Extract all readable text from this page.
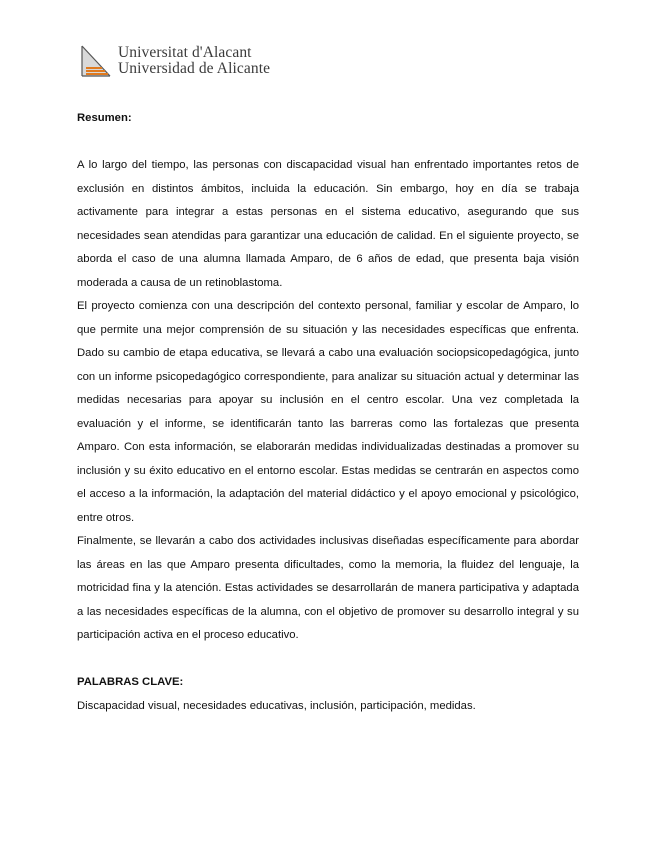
Universitat d'Alacant
Universidad de Alicante

Resumen:

A lo largo del tiempo, las personas con discapacidad visual han enfrentado importantes retos de exclusión en distintos ámbitos, incluida la educación. Sin embargo, hoy en día se trabaja activamente para integrar a estas personas en el sistema educativo, asegurando que sus necesidades sean atendidas para garantizar una educación de calidad. En el siguiente proyecto, se aborda el caso de una alumna llamada Amparo, de 6 años de edad, que presenta baja visión moderada a causa de un retinoblastoma.

El proyecto comienza con una descripción del contexto personal, familiar y escolar de Amparo, lo que permite una mejor comprensión de su situación y las necesidades específicas que enfrenta. Dado su cambio de etapa educativa, se llevará a cabo una evaluación sociopsicopedagógica, junto con un informe psicopedagógico correspondiente, para analizar su situación actual y determinar las medidas necesarias para apoyar su inclusión en el centro escolar. Una vez completada la evaluación y el informe, se identificarán tanto las barreras como las fortalezas que presenta Amparo. Con esta información, se elaborarán medidas individualizadas destinadas a promover su inclusión y su éxito educativo en el entorno escolar. Estas medidas se centrarán en aspectos como el acceso a la información, la adaptación del material didáctico y el apoyo emocional y psicológico, entre otros.

Finalmente, se llevarán a cabo dos actividades inclusivas diseñadas específicamente para abordar las áreas en las que Amparo presenta dificultades, como la memoria, la fluidez del lenguaje, la motricidad fina y la atención. Estas actividades se desarrollarán de manera participativa y adaptada a las necesidades específicas de la alumna, con el objetivo de promover su desarrollo integral y su participación activa en el proceso educativo.

PALABRAS CLAVE:

Discapacidad visual, necesidades educativas, inclusión, participación, medidas.
